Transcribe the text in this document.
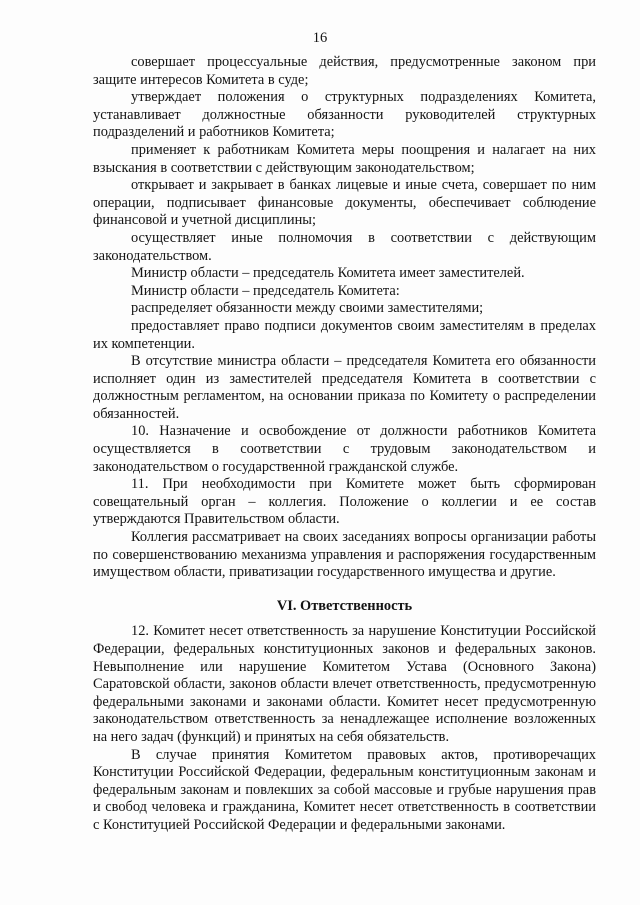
16

совершает процессуальные действия, предусмотренные законом при защите интересов Комитета в суде;

утверждает положения о структурных подразделениях Комитета, устанавливает должностные обязанности руководителей структурных подразделений и работников Комитета;

применяет к работникам Комитета меры поощрения и налагает на них взыскания в соответствии с действующим законодательством;

открывает и закрывает в банках лицевые и иные счета, совершает по ним операции, подписывает финансовые документы, обеспечивает соблюдение финансовой и учетной дисциплины;

осуществляет иные полномочия в соответствии с действующим законодательством.

Министр области – председатель Комитета имеет заместителей.

Министр области – председатель Комитета:

распределяет обязанности между своими заместителями;

предоставляет право подписи документов своим заместителям в пределах их компетенции.

В отсутствие министра области – председателя Комитета его обязанности исполняет один из заместителей председателя Комитета в соответствии с должностным регламентом, на основании приказа по Комитету о распределении обязанностей.

10. Назначение и освобождение от должности работников Комитета осуществляется в соответствии с трудовым законодательством и законодательством о государственной гражданской службе.

11. При необходимости при Комитете может быть сформирован совещательный орган – коллегия. Положение о коллегии и ее состав утверждаются Правительством области.

Коллегия рассматривает на своих заседаниях вопросы организации работы по совершенствованию механизма управления и распоряжения государственным имуществом области, приватизации государственного имущества и другие.

VI. Ответственность

12. Комитет несет ответственность за нарушение Конституции Российской Федерации, федеральных конституционных законов и федеральных законов. Невыполнение или нарушение Комитетом Устава (Основного Закона) Саратовской области, законов области влечет ответственность, предусмотренную федеральными законами и законами области. Комитет несет предусмотренную законодательством ответственность за ненадлежащее исполнение возложенных на него задач (функций) и принятых на себя обязательств.

В случае принятия Комитетом правовых актов, противоречащих Конституции Российской Федерации, федеральным конституционным законам и федеральным законам и повлекших за собой массовые и грубые нарушения прав и свобод человека и гражданина, Комитет несет ответственность в соответствии с Конституцией Российской Федерации и федеральными законами.
